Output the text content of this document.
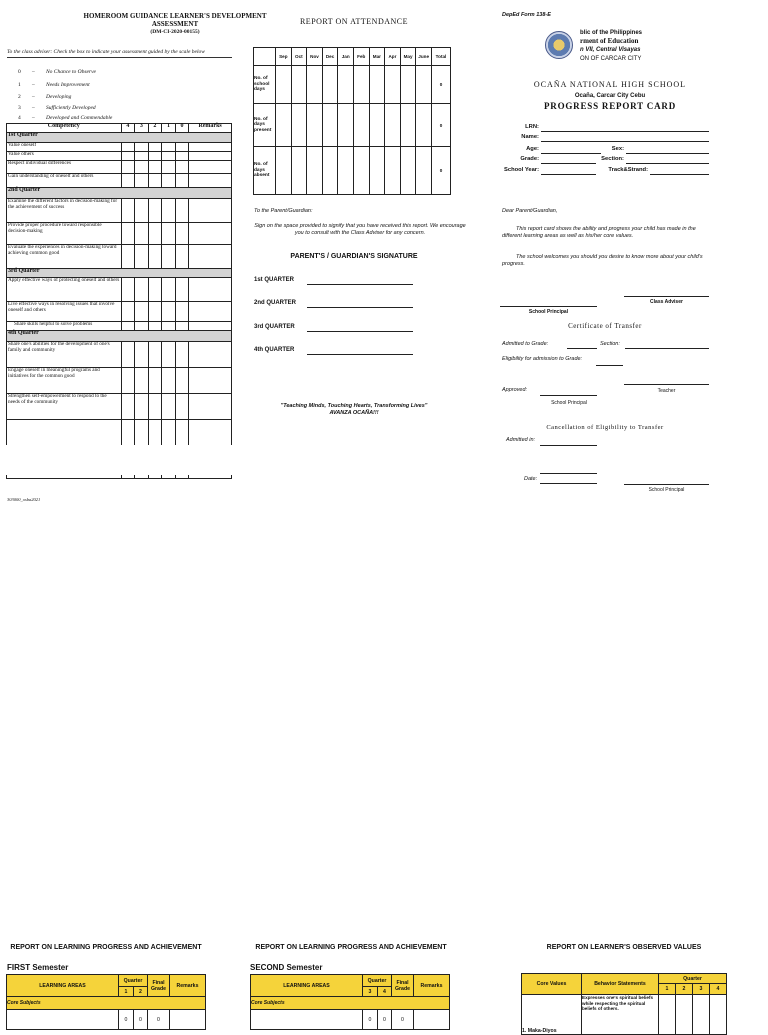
HOMEROOM GUIDANCE LEARNER'S DEVELOPMENT ASSESSMENT
(DM-CI-2020-00155)
To the class adviser: Check the box to indicate your assessment guided by the scale below
0 – No Chance to Observe
1 – Needs Improvement
2 – Developing
3 – Sufficiently Developed
4 – Developed and Commendable
Competency	4	3	2	1	0	Remarks
1st Quarter						
Value oneself						
Value others						
Respect individual differences						
Gain understanding of oneself and others						
2nd Quarter						
Examine the different factors in decision-making for the achievement of success						
Provide proper procedure toward responsible decision-making						
Evaluate the experiences in decision-making toward achieving common good						
3rd Quarter						
Apply effective ways of protecting oneself and others						
Live effective ways in resolving issues that involve oneself and others						
Share skills helpful to solve problems						
4th Quarter						
Share one's abilities for the development of one's family and community						
Engage oneself in meaningful programs and initiatives for the common good						
Strengthen self-empowerment to respond to the needs of the community						

303000_osba2021
REPORT ON ATTENDANCE
	Sep	Oct	Nov	Dec	Jan	Feb	Mar	Apr	May	June	Total
No. of school days											0
No. of days present											0
No. of days absent											0
To the Parent/Guardian:
Sign on the space provided to signify that you have received this report. We encourage you to consult with the Class Adviser for any concern.
PARENT'S / GUARDIAN'S SIGNATURE
1st QUARTER
2nd QUARTER
3rd QUARTER
4th QUARTER
"Teaching Minds, Touching Hearts, Transforming Lives"
AVANZA OCAÑA!!!
DepEd Form 138-E
blic of the Philippines
rment of Education
n VII, Central Visayas
ON OF CARCAR CITY
OCAÑA NATIONAL HIGH SCHOOL
Ocaña, Carcar City Cebu
PROGRESS REPORT CARD
LRN:
Name:
Age:	Sex:
Grade:	Section:
School Year:	Track&Strand:
Dear Parent/Guardian,
This report card shows the ability and progress your child has made in the different learning areas as well as his/her core values.
The school welcomes you should you desire to know more about your child's progress.
Class Adviser
School Principal
Certificate of Transfer
Admitted to Grade:	Section:
Eligibility for admission to Grade:
Approved:	Teacher
School Principal
Cancellation of Eligibility to Transfer
Admitted in:
Date:
School Principal
REPORT ON LEARNING PROGRESS AND ACHIEVEMENT
FIRST Semester
LEARNING AREAS	Quarter		Final Grade	Remarks
	1	2		
Core Subjects				
	0	0	0	
REPORT ON LEARNING PROGRESS AND ACHIEVEMENT
SECOND Semester
LEARNING AREAS	Quarter		Final Grade	Remarks
	3	4		
Core Subjects				
	0	0	0	
REPORT ON LEARNER'S OBSERVED VALUES
Core Values	Behavior Statements	Quarter			
		1	2	3	4
1. Maka-Diyos	Expresses one's spiritual beliefs while respecting the spiritual beliefs of others.				
